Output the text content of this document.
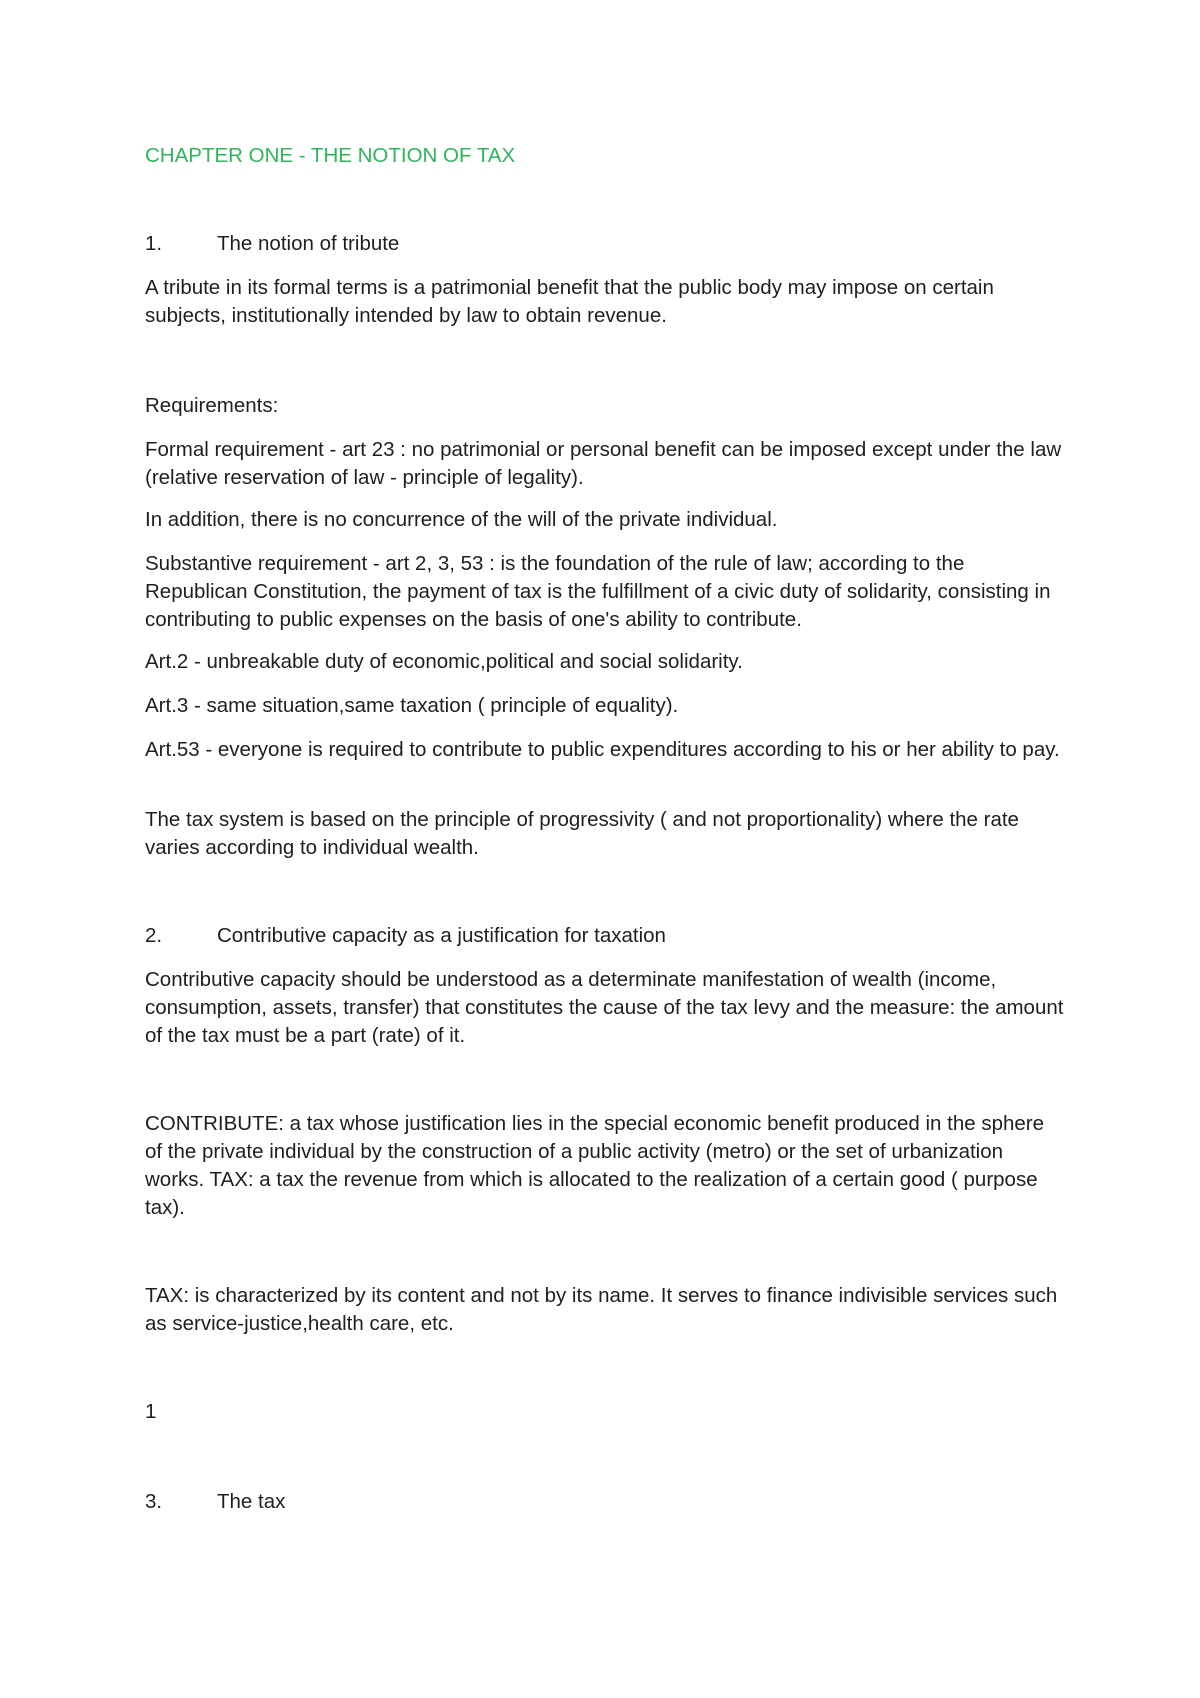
CHAPTER ONE - THE NOTION OF TAX

1.	The notion of tribute

A tribute in its formal terms is a patrimonial benefit that the public body may impose on certain subjects, institutionally intended by law to obtain revenue.

Requirements:

Formal requirement - art 23 : no patrimonial or personal benefit can be imposed except under the law (relative reservation of law - principle of legality).

In addition, there is no concurrence of the will of the private individual.

Substantive requirement - art 2, 3, 53 : is the foundation of the rule of law; according to the Republican Constitution, the payment of tax is the fulfillment of a civic duty of solidarity, consisting in contributing to public expenses on the basis of one's ability to contribute.

Art.2 - unbreakable duty of economic,political and social solidarity.

Art.3 - same situation,same taxation ( principle of equality).

Art.53 - everyone is required to contribute to public expenditures according to his or her ability to pay.

The tax system is based on the principle of progressivity ( and not proportionality) where the rate varies according to individual wealth.

2.	Contributive capacity as a justification for taxation

Contributive capacity should be understood as a determinate manifestation of wealth (income, consumption, assets, transfer) that constitutes the cause of the tax levy and the measure: the amount of the tax must be a part (rate) of it.

CONTRIBUTE: a tax whose justification lies in the special economic benefit produced in the sphere of the private individual by the construction of a public activity (metro) or the set of urbanization works. TAX: a tax the revenue from which is allocated to the realization of a certain good ( purpose tax).

TAX: is characterized by its content and not by its name. It serves to finance indivisible services such as service-justice,health care, etc.

1

3.	The tax
